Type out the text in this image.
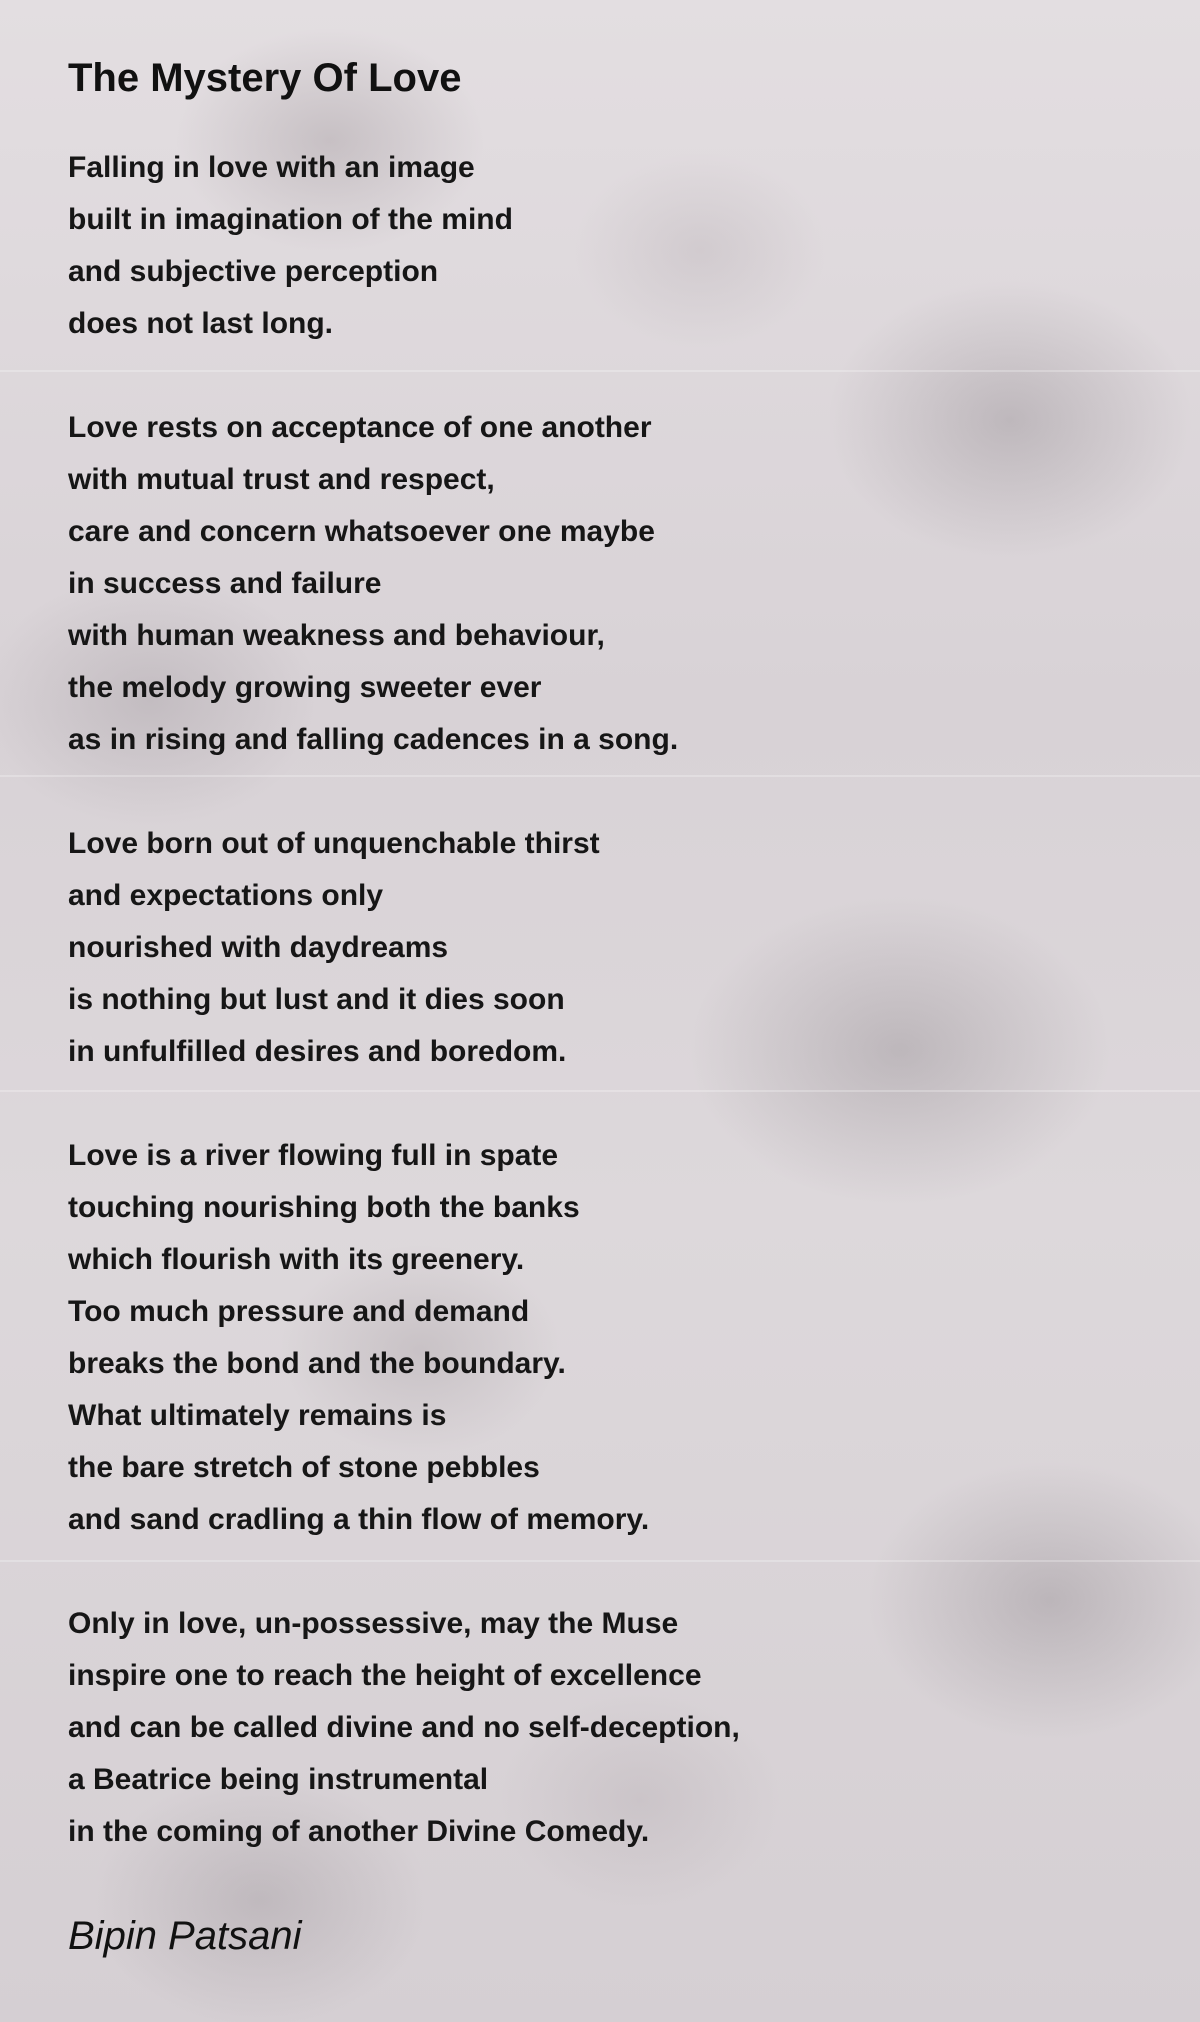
The Mystery Of Love
Falling in love with an image
built in imagination of the mind
and subjective perception
does not last long.
Love rests on acceptance of one another
with mutual trust and respect,
care and concern whatsoever one maybe
in success and failure
with human weakness and behaviour,
the melody growing sweeter ever
as in rising and falling cadences in a song.
Love born out of unquenchable thirst
and expectations only
nourished with daydreams
is nothing but lust and it dies soon
in unfulfilled desires and boredom.
Love is a river flowing full in spate
touching nourishing both the banks
which flourish with its greenery.
Too much pressure and demand
breaks the bond and the boundary.
What ultimately remains is
the bare stretch of stone pebbles
and sand cradling a thin flow of memory.
Only in love, un-possessive, may the Muse
inspire one to reach the height of excellence
and can be called divine and no self-deception,
a Beatrice being instrumental
in the coming of another Divine Comedy.
Bipin Patsani
